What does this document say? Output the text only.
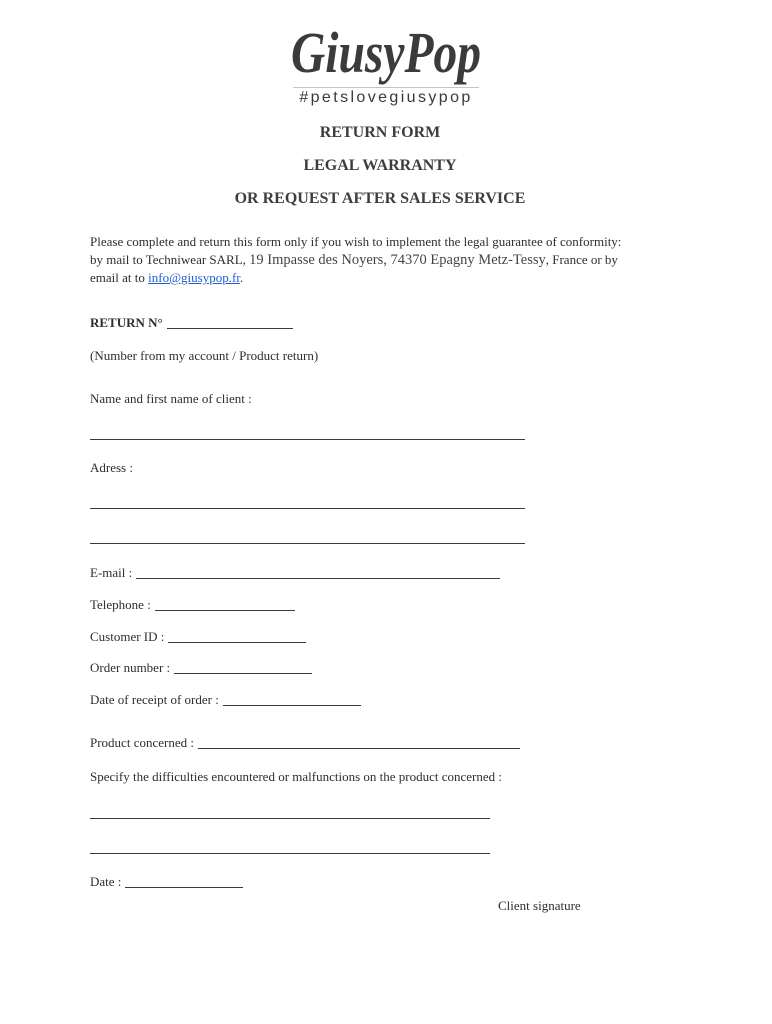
GiusyPop
#petslovegiusypop
RETURN FORM
LEGAL WARRANTY
OR REQUEST AFTER SALES SERVICE
Please complete and return this form only if you wish to implement the legal guarantee of conformity:
by mail to Techniwear SARL, 19 Impasse des Noyers, 74370 Epagny Metz-Tessy, France or by
email at to info@giusypop.fr.
RETURN N°
(Number from my account / Product return)
Name and first name of client :
Adress :
E-mail :
Telephone :
Customer ID :
Order number :
Date of receipt of order :
Product concerned :
Specify the difficulties encountered or malfunctions on the product concerned :
Date :
Client signature
